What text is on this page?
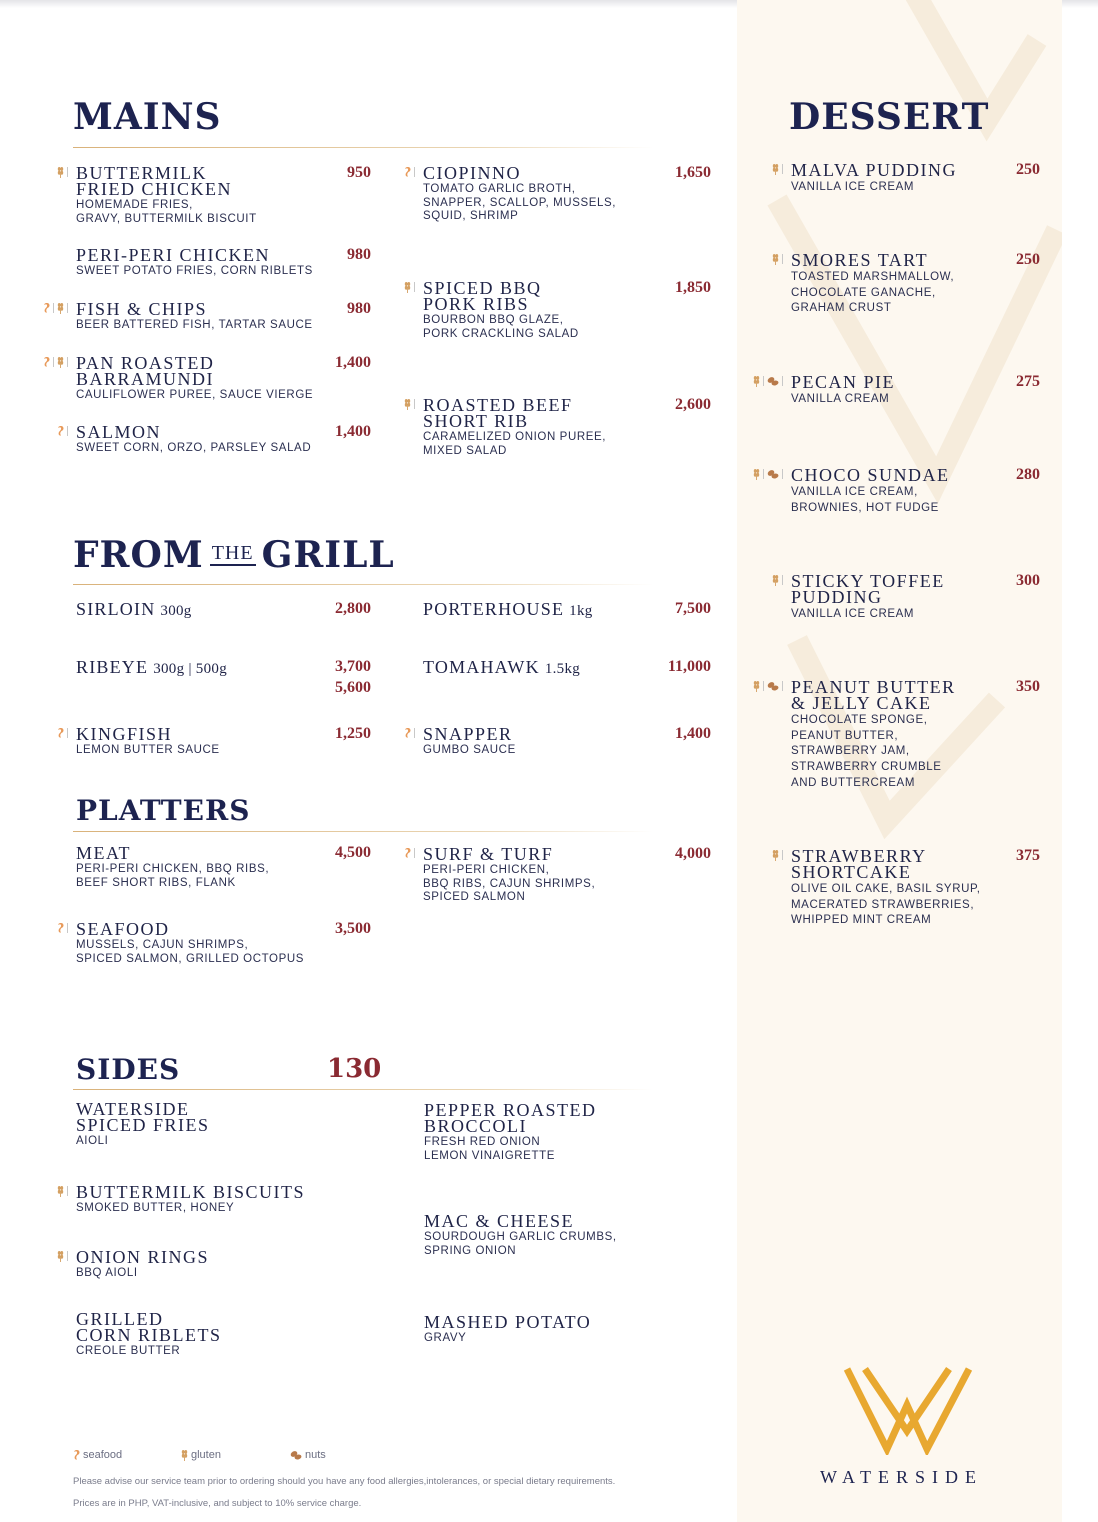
MAINS
FROM $^{THE}$ GRILL
PLATTERS
SIDES	130
DESSERT
seafood	gluten	nuts
Please advise our service team prior to ordering should you have any food allergies,intolerances, or special dietary requirements.
Prices are in PHP, VAT-inclusive, and subject to 10% service charge.
WATERSIDE
BUTTERMILK
FRIED CHICKEN
HOMEMADE FRIES,
GRAVY, BUTTERMILK BISCUIT
950
PERI-PERI CHICKEN
SWEET POTATO FRIES, CORN RIBLETS
980
FISH & CHIPS
BEER BATTERED FISH, TARTAR SAUCE
980
PAN ROASTED
BARRAMUNDI
CAULIFLOWER PUREE, SAUCE VIERGE
1,400
SALMON
SWEET CORN, ORZO, PARSLEY SALAD
1,400
CIOPINNO
TOMATO GARLIC BROTH,
SNAPPER, SCALLOP, MUSSELS,
SQUID, SHRIMP
1,650
SPICED BBQ
PORK RIBS
BOURBON BBQ GLAZE,
PORK CRACKLING SALAD
1,850
ROASTED BEEF
SHORT RIB
CARAMELIZED ONION PUREE,
MIXED SALAD
2,600
SIRLOIN 300g	2,800
RIBEYE 300g | 500g	3,700
5,600
KINGFISH
LEMON BUTTER SAUCE
1,250
PORTERHOUSE 1kg	7,500
TOMAHAWK 1.5kg	11,000
SNAPPER
GUMBO SAUCE
1,400
MEAT
PERI-PERI CHICKEN, BBQ RIBS,
BEEF SHORT RIBS, FLANK
4,500
SEAFOOD
MUSSELS, CAJUN SHRIMPS,
SPICED SALMON, GRILLED OCTOPUS
3,500
SURF & TURF
PERI-PERI CHICKEN,
BBQ RIBS, CAJUN SHRIMPS,
SPICED SALMON
4,000
WATERSIDE
SPICED FRIES
AIOLI
BUTTERMILK BISCUITS
SMOKED BUTTER, HONEY
ONION RINGS
BBQ AIOLI
GRILLED
CORN RIBLETS
CREOLE BUTTER
PEPPER ROASTED
BROCCOLI
FRESH RED ONION
LEMON VINAIGRETTE
MAC & CHEESE
SOURDOUGH GARLIC CRUMBS,
SPRING ONION
MASHED POTATO
GRAVY
MALVA PUDDING
VANILLA ICE CREAM
250
SMORES TART
TOASTED MARSHMALLOW,
CHOCOLATE GANACHE,
GRAHAM CRUST
250
PECAN PIE
VANILLA CREAM
275
CHOCO SUNDAE
VANILLA ICE CREAM,
BROWNIES, HOT FUDGE
280
STICKY TOFFEE
PUDDING
VANILLA ICE CREAM
300
PEANUT BUTTER
& JELLY CAKE
CHOCOLATE SPONGE,
PEANUT BUTTER,
STRAWBERRY JAM,
STRAWBERRY CRUMBLE
AND BUTTERCREAM
350
STRAWBERRY
SHORTCAKE
OLIVE OIL CAKE, BASIL SYRUP,
MACERATED STRAWBERRIES,
WHIPPED MINT CREAM
375
